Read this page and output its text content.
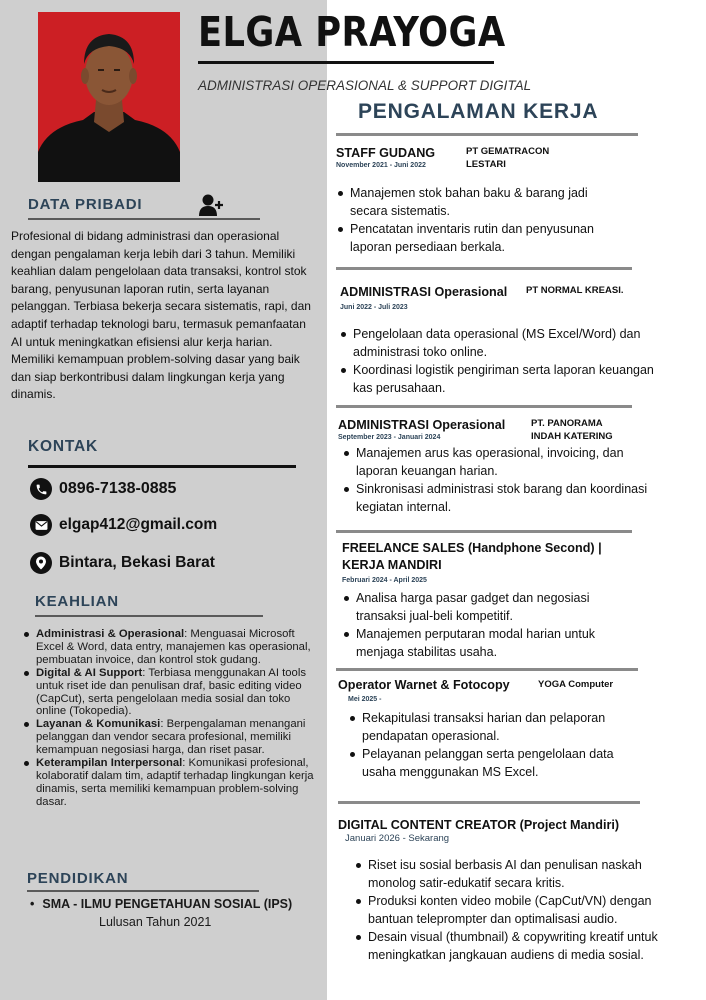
ELGA PRAYOGA
ADMINISTRASI OPERASIONAL & SUPPORT DIGITAL
DATA PRIBADI
Profesional di bidang administrasi dan operasional dengan pengalaman kerja lebih dari 3 tahun. Memiliki keahlian dalam pengelolaan data transaksi, kontrol stok barang, penyusunan laporan rutin, serta layanan pelanggan. Terbiasa bekerja secara sistematis, rapi, dan adaptif terhadap teknologi baru, termasuk pemanfaatan AI untuk meningkatkan efisiensi alur kerja harian. Memiliki kemampuan problem-solving dasar yang baik dan siap berkontribusi dalam lingkungan kerja yang dinamis.
KONTAK
0896-7138-0885
elgap412@gmail.com
Bintara, Bekasi Barat
KEAHLIAN
Administrasi & Operasional: Menguasai Microsoft Excel & Word, data entry, manajemen kas operasional, pembuatan invoice, dan kontrol stok gudang.
Digital & AI Support: Terbiasa menggunakan AI tools untuk riset ide dan penulisan draf, basic editing video (CapCut), serta pengelolaan media sosial dan toko online (Tokopedia).
Layanan & Komunikasi: Berpengalaman menangani pelanggan dan vendor secara profesional, memiliki kemampuan negosiasi harga, dan riset pasar.
Keterampilan Interpersonal: Komunikasi profesional, kolaboratif dalam tim, adaptif terhadap lingkungan kerja dinamis, serta memiliki kemampuan problem-solving dasar.
PENDIDIKAN
• SMA - ILMU PENGETAHUAN SOSIAL (IPS)
Lulusan Tahun 2021
PENGALAMAN KERJA
STAFF GUDANG
November 2021 - Juni 2022
PT GEMATRACON
LESTARI
Manajemen stok bahan baku & barang jadi secara sistematis.
Pencatatan inventaris rutin dan penyusunan laporan persediaan berkala.
ADMINISTRASI Operasional PT NORMAL KREASI.
Juni 2022 - Juli 2023
Pengelolaan data operasional (MS Excel/Word) dan administrasi toko online.
Koordinasi logistik pengiriman serta laporan keuangan kas perusahaan.
ADMINISTRASI Operasional	PT. PANORAMA
INDAH KATERING
September 2023 - Januari 2024
Manajemen arus kas operasional, invoicing, dan laporan keuangan harian.
Sinkronisasi administrasi stok barang dan koordinasi kegiatan internal.
FREELANCE SALES (Handphone Second) |
KERJA MANDIRI
Februari 2024 - April 2025
Analisa harga pasar gadget dan negosiasi transaksi jual-beli kompetitif.
Manajemen perputaran modal harian untuk menjaga stabilitas usaha.
Operator Warnet & Fotocopy	YOGA Computer
Mei 2025 -
Rekapitulasi transaksi harian dan pelaporan pendapatan operasional.
Pelayanan pelanggan serta pengelolaan data usaha menggunakan MS Excel.
DIGITAL CONTENT CREATOR (Project Mandiri)
Januari 2026 - Sekarang
Riset isu sosial berbasis AI dan penulisan naskah monolog satir-edukatif secara kritis.
Produksi konten video mobile (CapCut/VN) dengan bantuan teleprompter dan optimalisasi audio.
Desain visual (thumbnail) & copywriting kreatif untuk meningkatkan jangkauan audiens di media sosial.
